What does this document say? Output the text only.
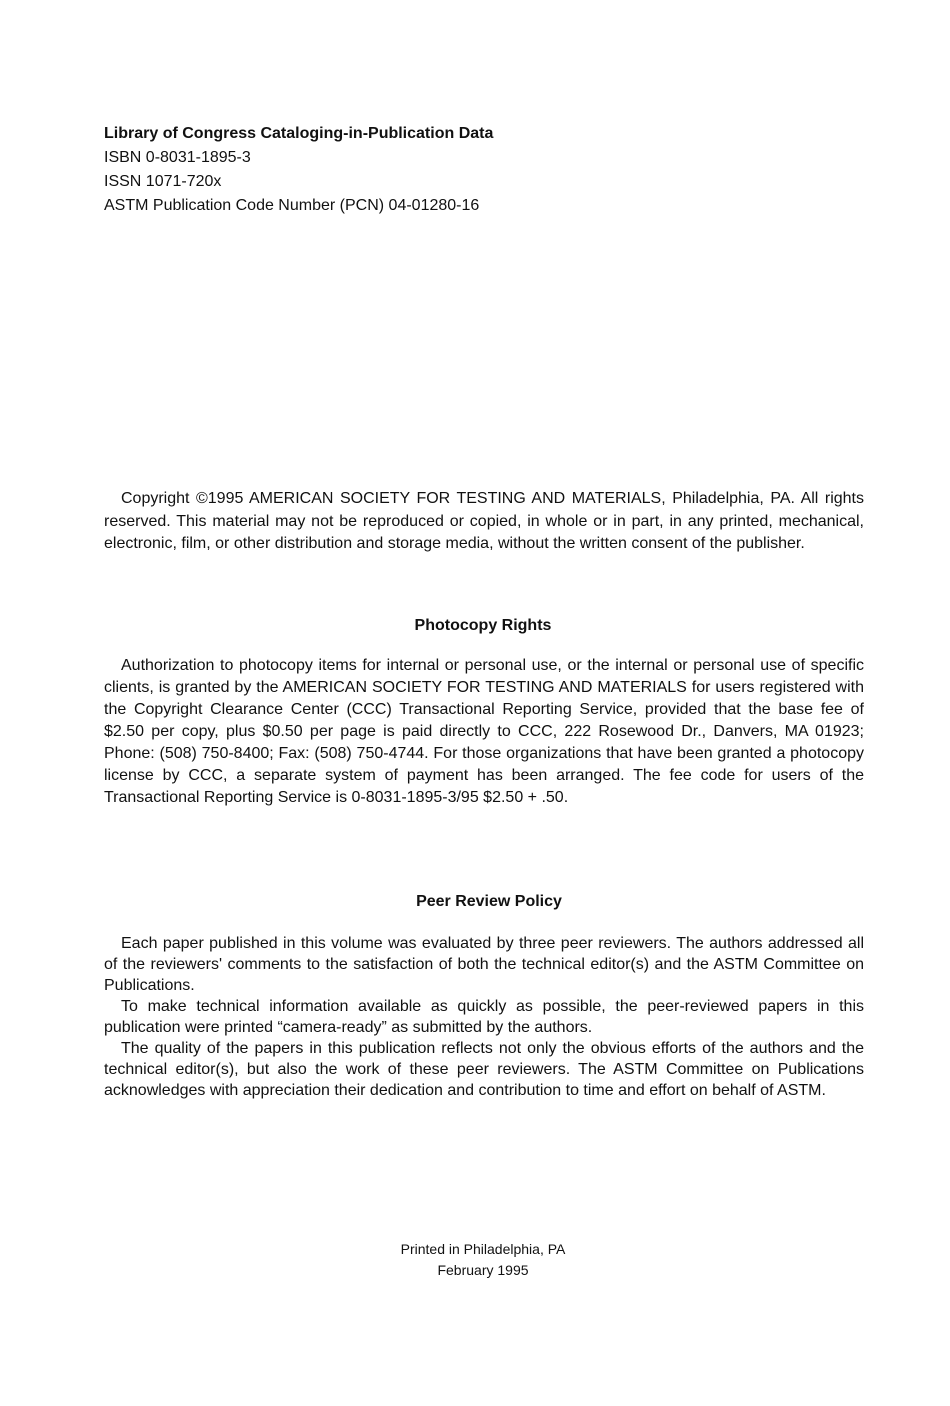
Library of Congress Cataloging-in-Publication Data
ISBN 0-8031-1895-3
ISSN 1071-720x
ASTM Publication Code Number (PCN) 04-01280-16

Copyright ©1995 AMERICAN SOCIETY FOR TESTING AND MATERIALS, Philadelphia, PA. All rights reserved. This material may not be reproduced or copied, in whole or in part, in any printed, mechanical, electronic, film, or other distribution and storage media, without the written consent of the publisher.

Photocopy Rights

Authorization to photocopy items for internal or personal use, or the internal or personal use of specific clients, is granted by the AMERICAN SOCIETY FOR TESTING AND MATERIALS for users registered with the Copyright Clearance Center (CCC) Transactional Reporting Service, provided that the base fee of $2.50 per copy, plus $0.50 per page is paid directly to CCC, 222 Rosewood Dr., Danvers, MA 01923; Phone: (508) 750-8400; Fax: (508) 750-4744. For those organizations that have been granted a photocopy license by CCC, a separate system of payment has been arranged. The fee code for users of the Transactional Reporting Service is 0-8031-1895-3/95 $2.50 + .50.

Peer Review Policy

Each paper published in this volume was evaluated by three peer reviewers. The authors addressed all of the reviewers' comments to the satisfaction of both the technical editor(s) and the ASTM Committee on Publications.

To make technical information available as quickly as possible, the peer-reviewed papers in this publication were printed “camera-ready” as submitted by the authors.

The quality of the papers in this publication reflects not only the obvious efforts of the authors and the technical editor(s), but also the work of these peer reviewers. The ASTM Committee on Publications acknowledges with appreciation their dedication and contribution to time and effort on behalf of ASTM.

Printed in Philadelphia, PA
February 1995
